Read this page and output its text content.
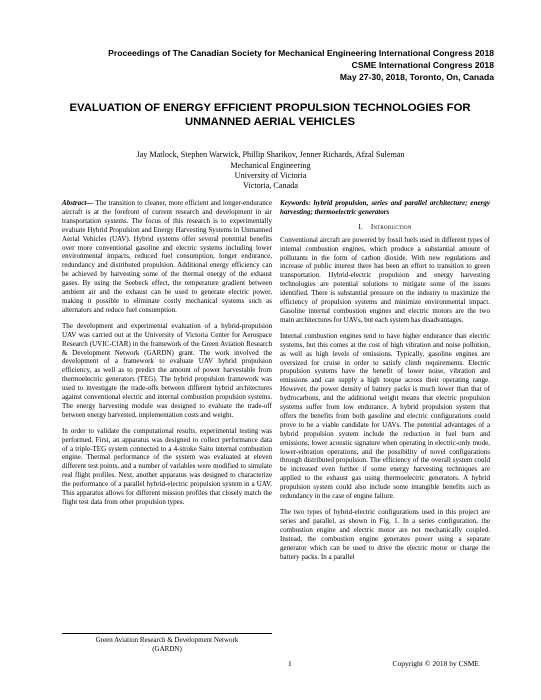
Proceedings of The Canadian Society for Mechanical Engineering International Congress 2018
CSME International Congress 2018
May 27-30, 2018, Toronto, On, Canada
EVALUATION OF ENERGY EFFICIENT PROPULSION TECHNOLOGIES FOR
UNMANNED AERIAL VEHICLES
Jay Matlock, Stephen Warwick, Phillip Sharikov, Jenner Richards, Afzal Suleman
Mechanical Engineering
University of Victoria
Victoria, Canada

Abstract— The transition to cleaner, more efficient and longer-endurance aircraft is at the forefront of current research and development in air transportation systems. The focus of this research is to experimentally evaluate Hybrid Propulsion and Energy Harvesting Systems in Unmanned Aerial Vehicles (UAV). Hybrid systems offer several potential benefits over more conventional gasoline and electric systems including lower environmental impacts, reduced fuel consumption, longer endurance, redundancy and distributed propulsion. Additional energy efficiency can be achieved by harvesting some of the thermal energy of the exhaust gases. By using the Seebeck effect, the temperature gradient between ambient air and the exhaust can be used to generate electric power, making it possible to eliminate costly mechanical systems such as alternators and reduce fuel consumption.

The development and experimental evaluation of a hybrid-propulsion UAV was carried out at the University of Victoria Center for Aerospace Research (UVIC-CfAR) in the framework of the Green Aviation Research & Development Network (GARDN) grant. The work involved the development of a framework to evaluate UAV hybrid propulsion efficiency, as well as to predict the amount of power harvestable from thermoelectric generators (TEG). The hybrid propulsion framework was used to investigate the trade-offs between different hybrid architectures against conventional electric and internal combustion propulsion systems. The energy harvesting module was designed to evaluate the trade-off between energy harvested, implementation costs and weight.

In order to validate the computational results, experimental testing was performed. First, an apparatus was designed to collect performance data of a triple-TEG system connected to a 4-stroke Saito internal combustion engine. Thermal performance of the system was evaluated at eleven different test points, and a number of variables were modified to simulate real flight profiles. Next, another apparatus was designed to characterize the performance of a parallel hybrid-electric propulsion system in a UAV. This apparatus allows for different mission profiles that closely match the flight test data from other propulsion types.

Keywords: hybrid propulsion, series and parallel architecture; energy harvesting; thermoelectric generators

I. Introduction

Conventional aircraft are powered by fossil fuels used in different types of internal combustion engines, which produce a substantial amount of pollutants in the form of carbon dioxide. With new regulations and increase of public interest there has been an effort to transition to green transportation. Hybrid-electric propulsion and energy harvesting technologies are potential solutions to mitigate some of the issues identified. There is substantial pressure on the industry to maximize the efficiency of propulsion systems and minimize environmental impact. Gasoline internal combustion engines and electric motors are the two main architectures for UAVs, but each system has disadvantages.

Internal combustion engines tend to have higher endurance than electric systems, but this comes at the cost of high vibration and noise pollution, as well as high levels of emissions. Typically, gasoline engines are oversized for cruise in order to satisfy climb requirements. Electric propulsion systems have the benefit of lower noise, vibration and emissions and can supply a high torque across their operating range. However, the power density of battery packs is much lower than that of hydrocarbons, and the additional weight means that electric propulsion systems suffer from low endurance. A hybrid propulsion system that offers the benefits from both gasoline and electric configurations could prove to be a viable candidate for UAVs. The potential advantages of a hybrid propulsion system include the reduction in fuel burn and emissions, lower acoustic signature when operating in electric-only mode, lower-vibration operations, and the possibility of novel configurations through distributed propulsion. The efficiency of the overall system could be increased even further if some energy harvesting techniques are applied to the exhaust gas using thermoelectric generators. A hybrid propulsion system could also include some intangible benefits such as redundancy in the case of engine failure.

The two types of hybrid-electric configurations used in this project are series and parallel, as shown in Fig. 1. In a series configuration, the combustion engine and electric motor are not mechanically coupled. Instead, the combustion engine generates power using a separate generator which can be used to drive the electric motor or charge the battery packs. In a parallel

Green Aviation Research & Development Network
(GARDN)
1	Copyright © 2018 by CSME
